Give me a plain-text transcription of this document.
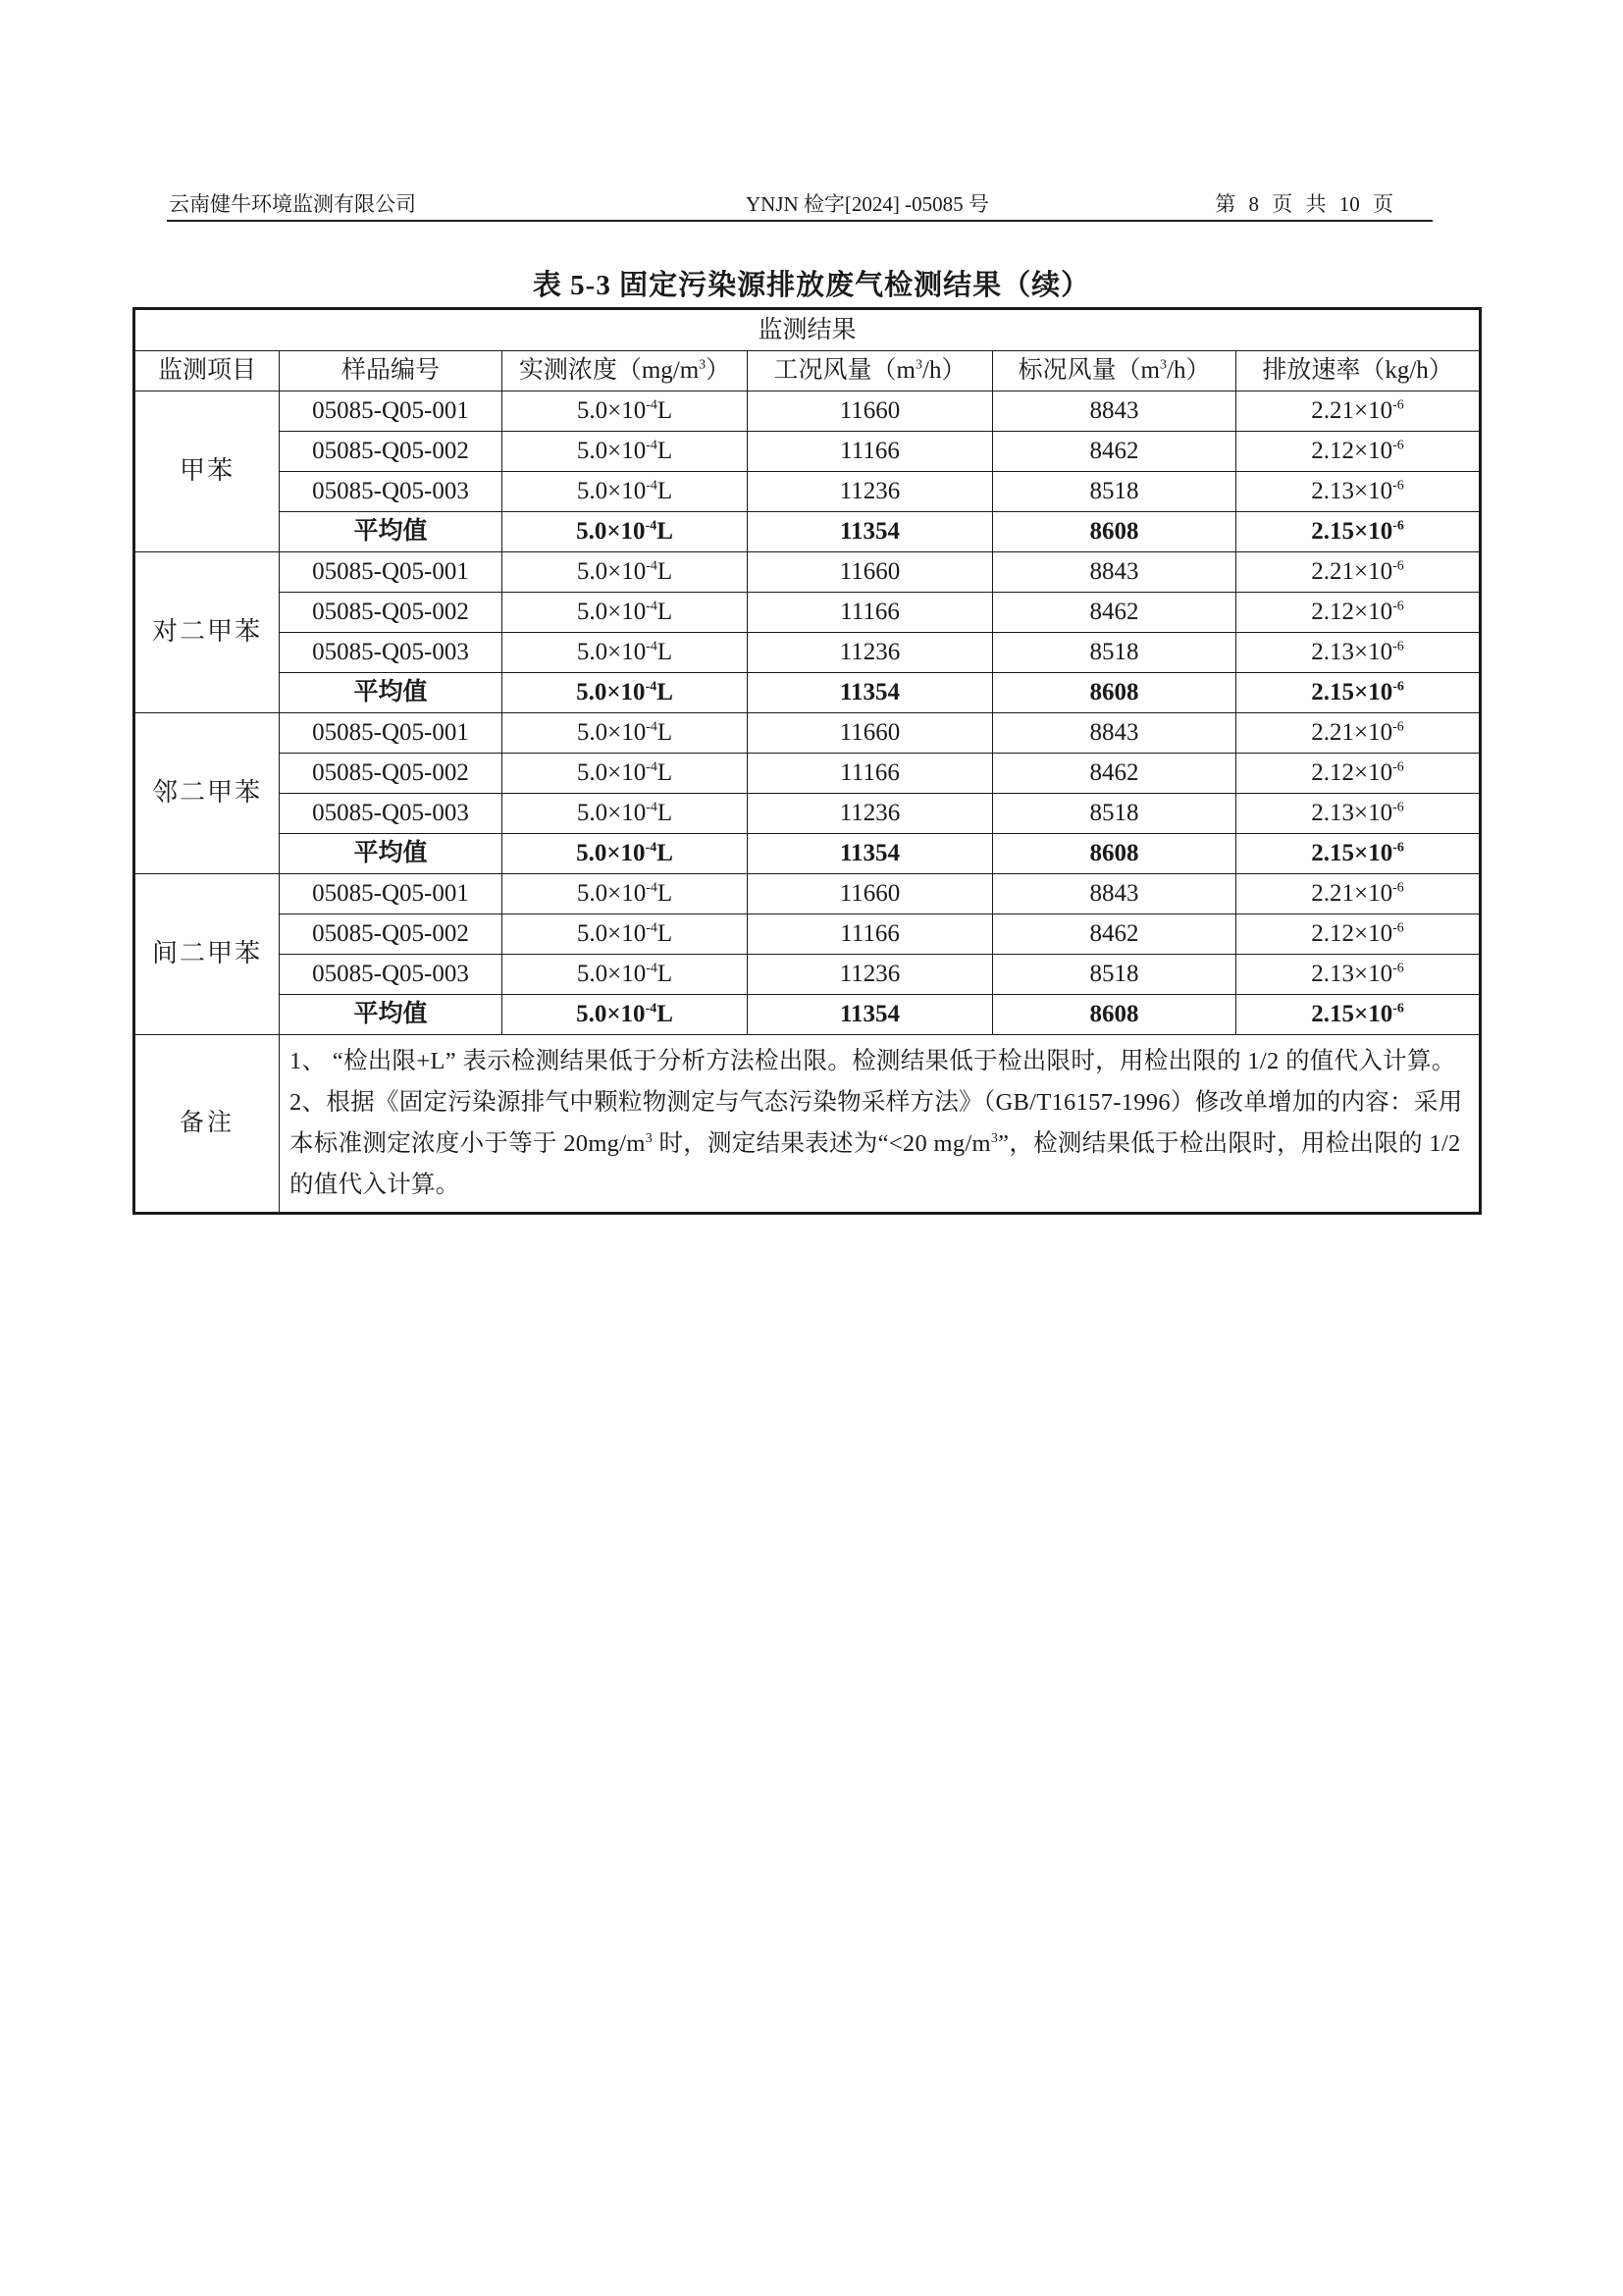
云南健牛环境监测有限公司	YNJN 检字[2024] -05085 号	第 8 页 共 10 页
表 5-3 固定污染源排放废气检测结果（续）
监测结果					
监测项目	样品编号	实测浓度$(mg/m^3)$	工况风量$(m^3/h)$	标况风量$(m^3/h)$	排放速率（kg/h）
甲苯	05085-Q05-001	$5.0\times 10^{-4}L$	11660	8843	$2.21\times 10^{-6}$
	05085-Q05-002	$5.0\times 10^{-4}L$	11166	8462	$2.12\times 10^{-6}$
	05085-Q05-003	$5.0\times 10^{-4}L$	11236	8518	$2.13\times 10^{-6}$
	平均值	$5.0\times 10^{-4}L$	11354	8608	$2.15\times 10^{-6}$
对二甲苯	05085-Q05-001	$5.0\times 10^{-4}L$	11660	8843	$2.21\times 10^{-6}$
	05085-Q05-002	$5.0\times 10^{-4}L$	11166	8462	$2.12\times 10^{-6}$
	05085-Q05-003	$5.0\times 10^{-4}L$	11236	8518	$2.13\times 10^{-6}$
	平均值	$5.0\times 10^{-4}L$	11354	8608	$2.15\times 10^{-6}$
邻二甲苯	05085-Q05-001	$5.0\times 10^{-4}L$	11660	8843	$2.21\times 10^{-6}$
	05085-Q05-002	$5.0\times 10^{-4}L$	11166	8462	$2.12\times 10^{-6}$
	05085-Q05-003	$5.0\times 10^{-4}L$	11236	8518	$2.13\times 10^{-6}$
	平均值	$5.0\times 10^{-4}L$	11354	8608	$2.15\times 10^{-6}$
间二甲苯	05085-Q05-001	$5.0\times 10^{-4}L$	11660	8843	$2.21\times 10^{-6}$
	05085-Q05-002	$5.0\times 10^{-4}L$	11166	8462	$2.12\times 10^{-6}$
	05085-Q05-003	$5.0\times 10^{-4}L$	11236	8518	$2.13\times 10^{-6}$
	平均值	$5.0\times 10^{-4}L$	11354	8608	$2.15\times 10^{-6}$
备注	1、 “检出限+L” 表示检测结果低于分析方法检出限。检测结果低于检出限时，用检出限的 1/2 的值代入计算。2、根据《固定污染源排气中颗粒物测定与气态污染物采样方法》（GB/T16157-1996）修改单增加的内容：采用本标准测定浓度小于等于 $20mg/m^3$ 时，测定结果表述为“<20 $mg/m^3$”，检测结果低于检出限时，用检出限的 1/2 的值代入计算。				
